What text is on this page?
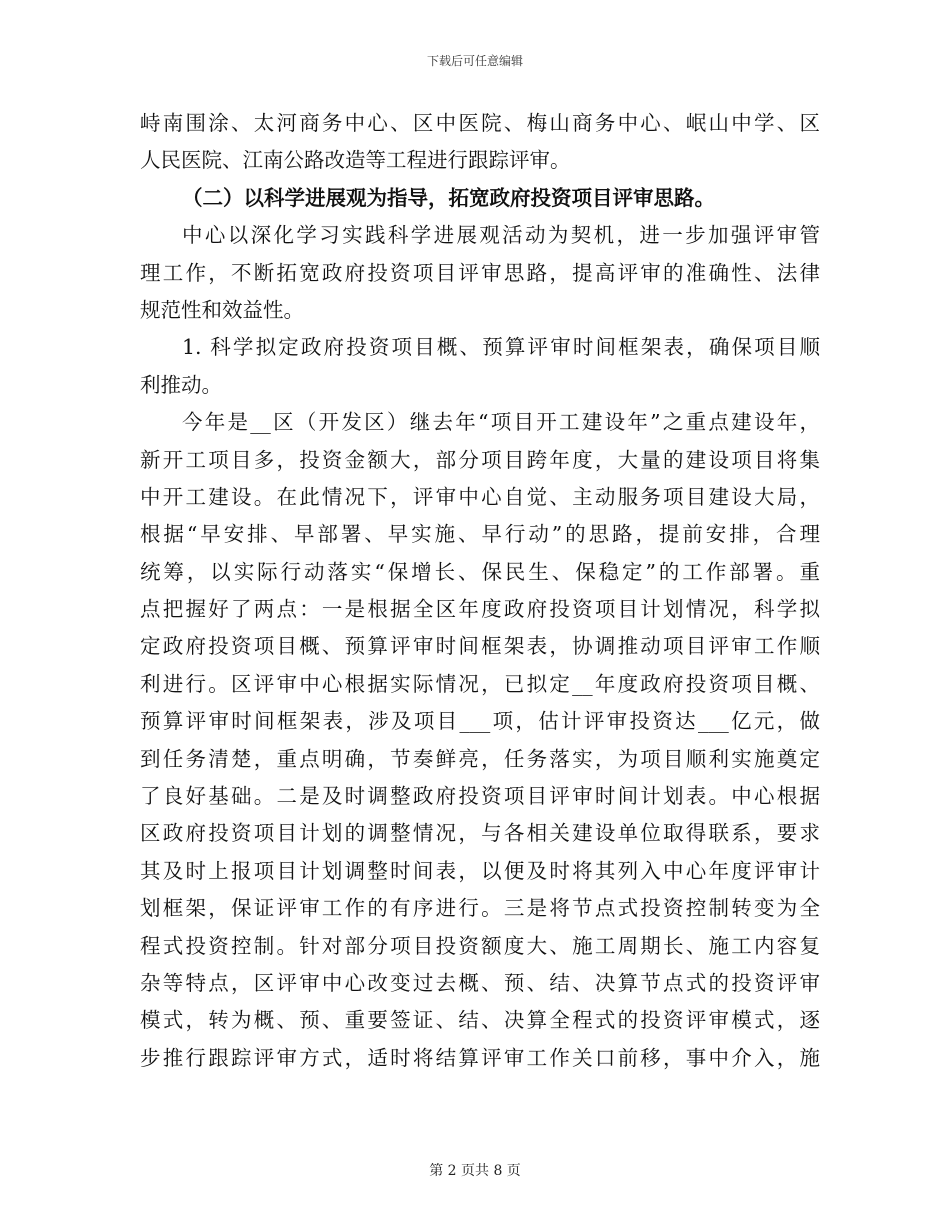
下载后可任意编辑
峙南围涂、太河商务中心、区中医院、梅山商务中心、岷山中学、区
人民医院、江南公路改造等工程进行跟踪评审。
（二）以科学进展观为指导，拓宽政府投资项目评审思路。
中心以深化学习实践科学进展观活动为契机，进一步加强评审管
理工作，不断拓宽政府投资项目评审思路，提高评审的准确性、法律
规范性和效益性。
1. 科学拟定政府投资项目概、预算评审时间框架表，确保项目顺
利推动。
今年是__区（开发区）继去年“项目开工建设年”之重点建设年，
新开工项目多，投资金额大，部分项目跨年度，大量的建设项目将集
中开工建设。在此情况下，评审中心自觉、主动服务项目建设大局，
根据“早安排、早部署、早实施、早行动”的思路，提前安排，合理
统筹，以实际行动落实“保增长、保民生、保稳定”的工作部署。重
点把握好了两点：一是根据全区年度政府投资项目计划情况，科学拟
定政府投资项目概、预算评审时间框架表，协调推动项目评审工作顺
利进行。区评审中心根据实际情况，已拟定__年度政府投资项目概、
预算评审时间框架表，涉及项目___项，估计评审投资达___亿元，做
到任务清楚，重点明确，节奏鲜亮，任务落实，为项目顺利实施奠定
了良好基础。二是及时调整政府投资项目评审时间计划表。中心根据
区政府投资项目计划的调整情况，与各相关建设单位取得联系，要求
其及时上报项目计划调整时间表，以便及时将其列入中心年度评审计
划框架，保证评审工作的有序进行。三是将节点式投资控制转变为全
程式投资控制。针对部分项目投资额度大、施工周期长、施工内容复
杂等特点，区评审中心改变过去概、预、结、决算节点式的投资评审
模式，转为概、预、重要签证、结、决算全程式的投资评审模式，逐
步推行跟踪评审方式，适时将结算评审工作关口前移，事中介入，施
第 2 页共 8 页
